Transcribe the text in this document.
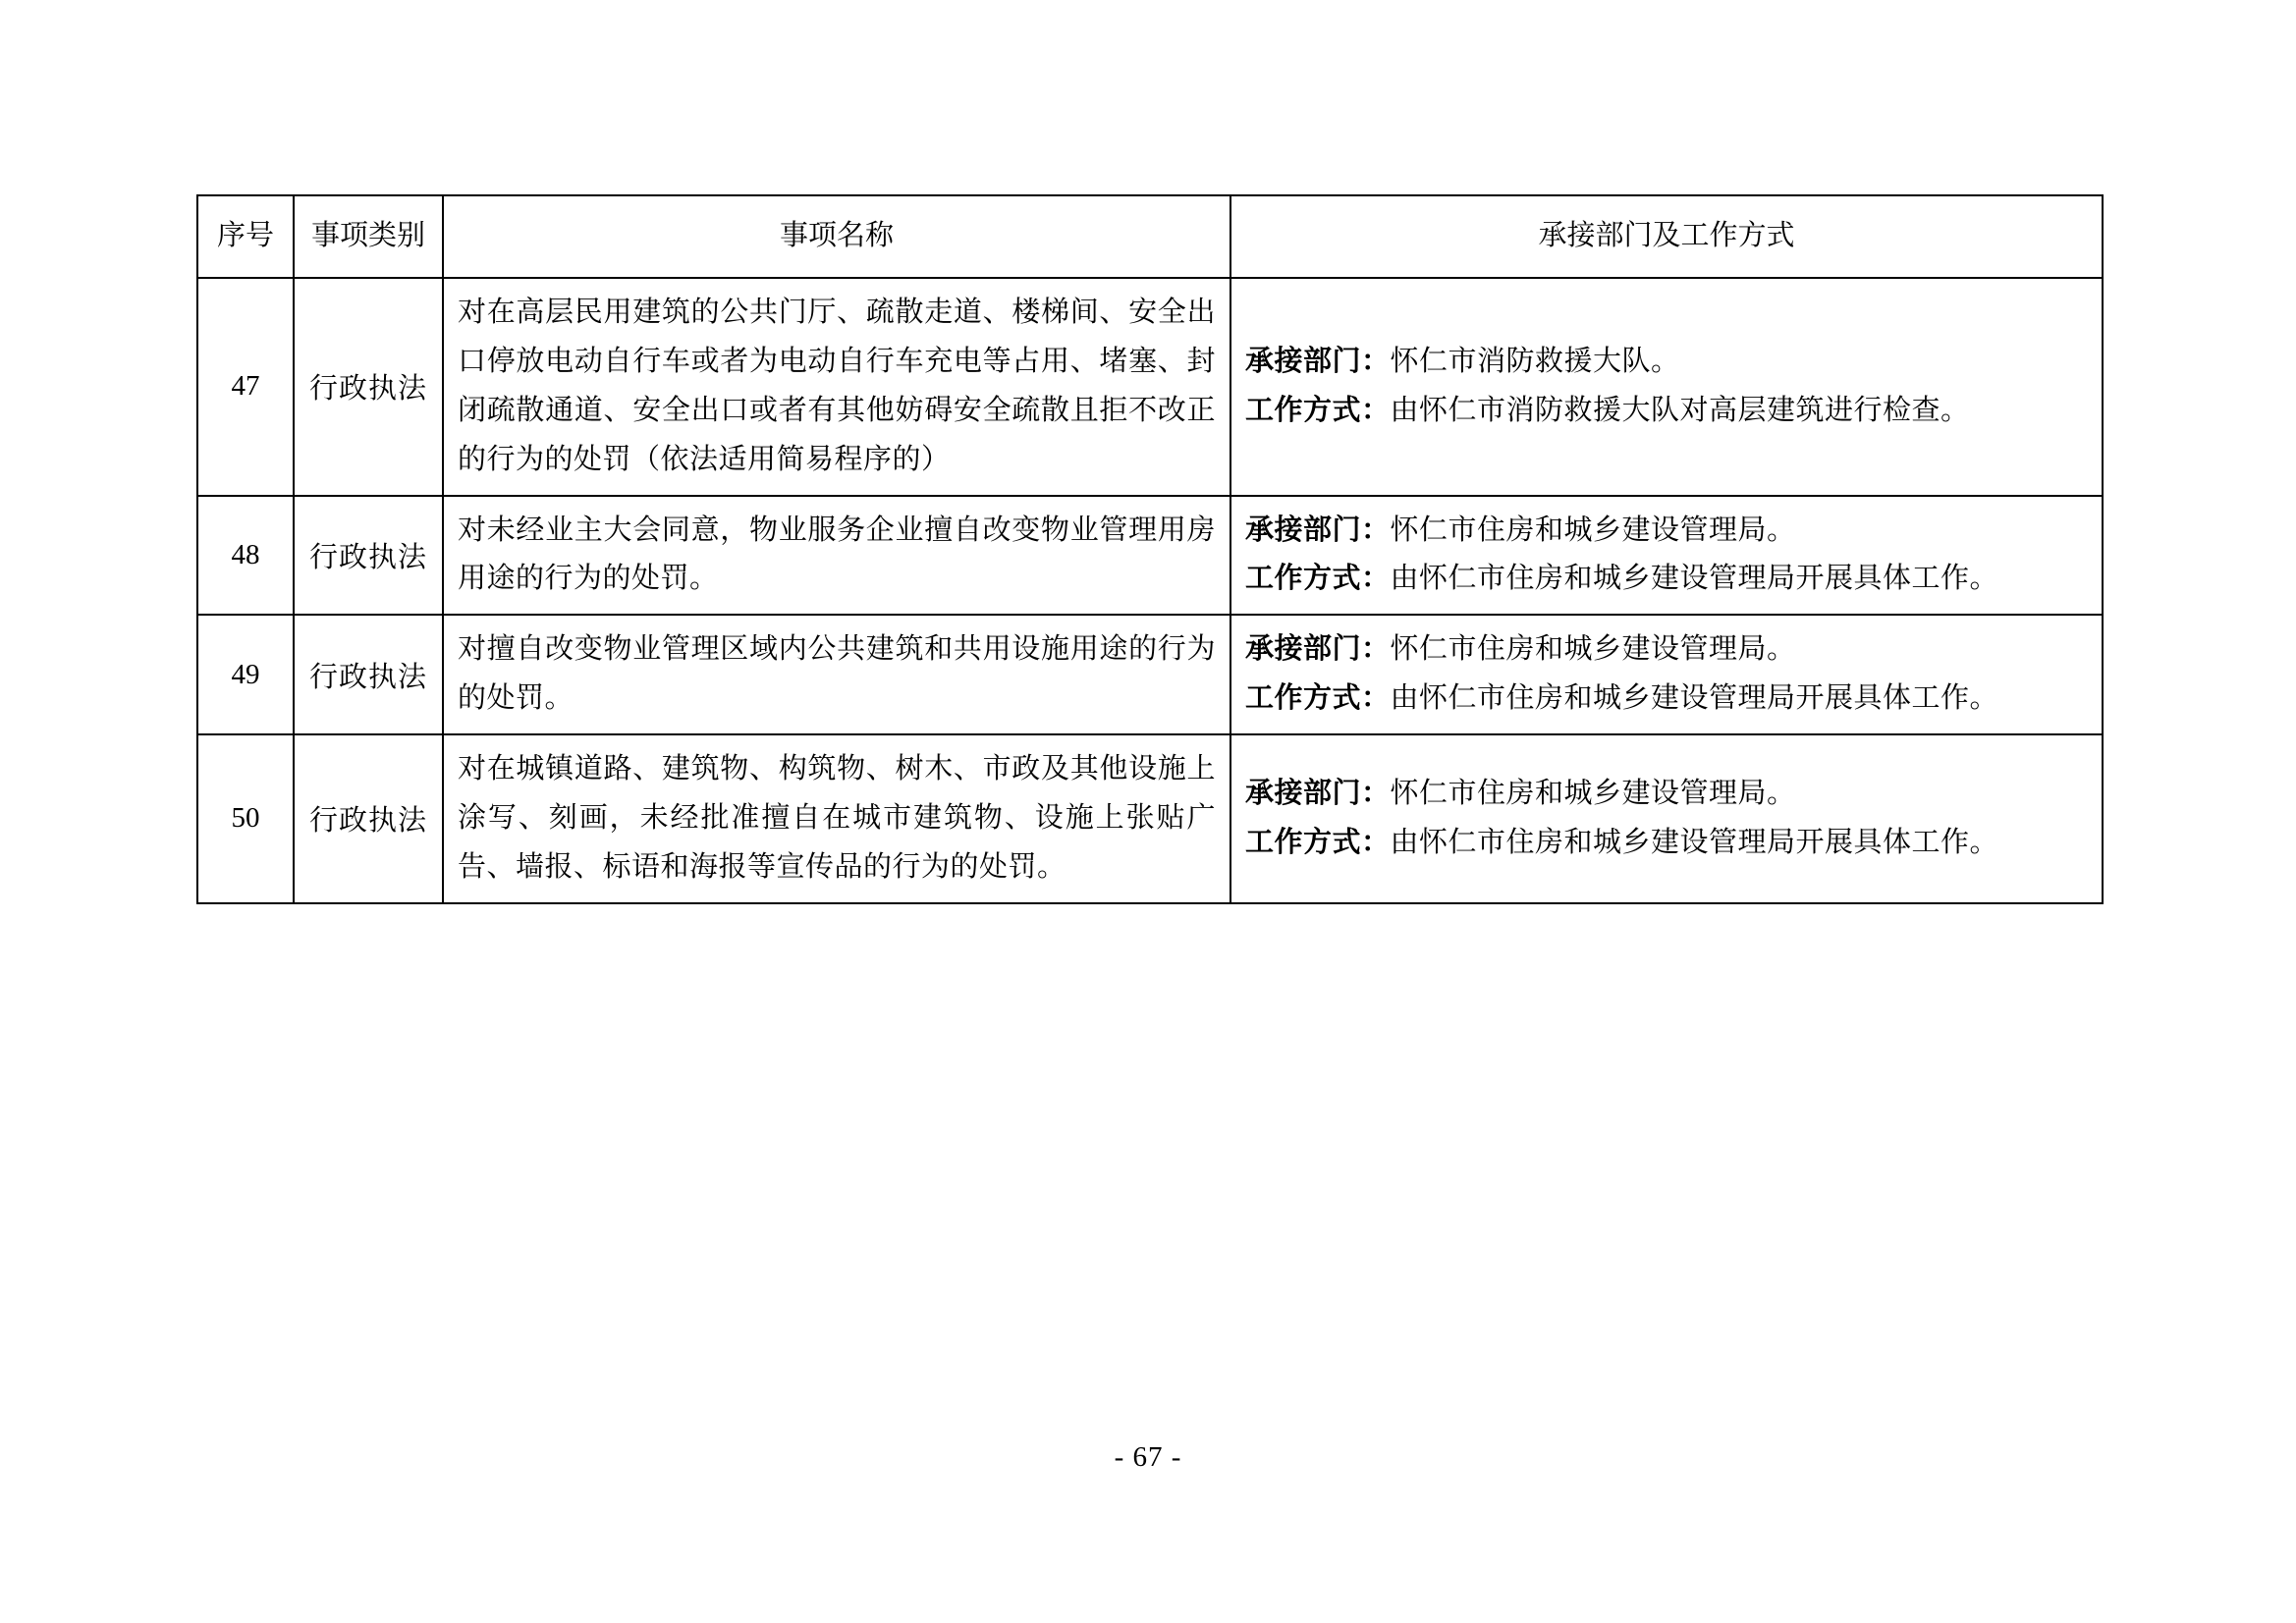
序号	事项类别	事项名称	承接部门及工作方式
47	行政执法	对在高层民用建筑的公共门厅、疏散走道、楼梯间、安全出口停放电动自行车或者为电动自行车充电等占用、堵塞、封闭疏散通道、安全出口或者有其他妨碍安全疏散且拒不改正的行为的处罚（依法适用简易程序的）	承接部门：怀仁市消防救援大队。
工作方式：由怀仁市消防救援大队对高层建筑进行检查。

48	行政执法	对未经业主大会同意，物业服务企业擅自改变物业管理用房用途的行为的处罚。	承接部门：怀仁市住房和城乡建设管理局。
工作方式：由怀仁市住房和城乡建设管理局开展具体工作。

49	行政执法	对擅自改变物业管理区域内公共建筑和共用设施用途的行为的处罚。	承接部门：怀仁市住房和城乡建设管理局。
工作方式：由怀仁市住房和城乡建设管理局开展具体工作。

50	行政执法	对在城镇道路、建筑物、构筑物、树木、市政及其他设施上涂写、刻画，未经批准擅自在城市建筑物、设施上张贴广告、墙报、标语和海报等宣传品的行为的处罚。	承接部门：怀仁市住房和城乡建设管理局。
工作方式：由怀仁市住房和城乡建设管理局开展具体工作。
- 67 -
